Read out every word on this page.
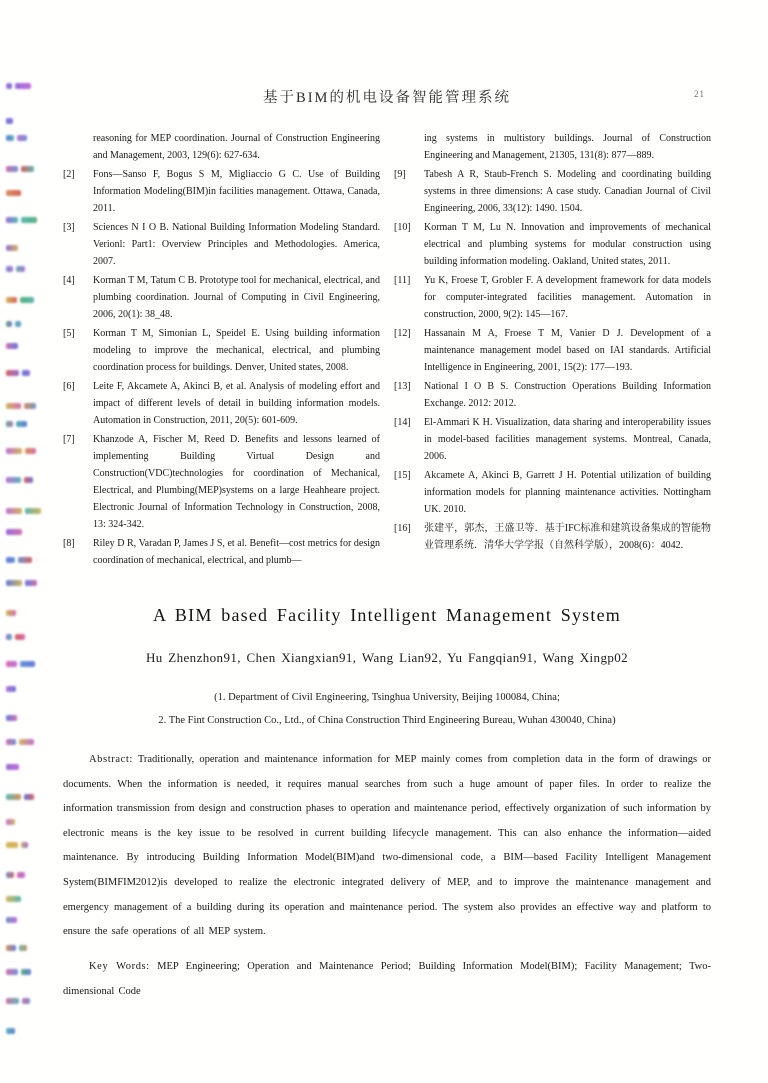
基于BIM的机电设备智能管理系统	21
reasoning for MEP coordination. Journal of Construction Engineering and Management, 2003, 129(6): 627-634.
[2] Fons—Sanso F, Bogus S M, Migliaccio G C. Use of Building Information Modeling(BIM)in facilities management. Ottawa, Canada, 2011.
[3] Sciences N I O B. National Building Information Modeling Standard. Verionl: Part1: Overview Principles and Methodologies. America, 2007.
[4] Korman T M, Tatum C B. Prototype tool for mechanical, electrical, and plumbing coordination. Journal of Computing in Civil Engineering, 2006, 20(1): 38_48.
[5] Korman T M, Simonian L, Speidel E. Using building information modeling to improve the mechanical, electrical, and plumbing coordination process for buildings. Denver, United states, 2008.
[6] Leite F, Akcamete A, Akinci B, et al. Analysis of modeling effort and impact of different levels of detail in building information models. Automation in Construction, 2011, 20(5): 601-609.
[7] Khanzode A, Fischer M, Reed D. Benefits and lessons learned of implementing Building Virtual Design and Construction(VDC)technologies for coordination of Mechanical, Electrical, and Plumbing(MEP)systems on a large Heahheare project. Electronic Journal of Information Technology in Construction, 2008, 13: 324-342.
[8] Riley D R, Varadan P, James J S, et al. Benefit—cost metrics for design coordination of mechanical, electrical, and plumb—
ing systems in multistory buildings. Journal of Construction Engineering and Management, 21305, 131(8): 877—889.
[9] Tabesh A R, Staub-French S. Modeling and coordinating building systems in three dimensions: A case study. Canadian Journal of Civil Engineering, 2006, 33(12): 1490. 1504.
[10] Korman T M, Lu N. Innovation and improvements of mechanical electrical and plumbing systems for modular construction using building information modeling. Oakland, United states, 2011.
[11] Yu K, Froese T, Grobler F. A development framework for data models for computer-integrated facilities management. Automation in construction, 2000, 9(2): 145—167.
[12] Hassanain M A, Froese T M, Vanier D J. Development of a maintenance management model based on IAI standards. Artificial Intelligence in Engineering, 2001, 15(2): 177—193.
[13] National I O B S. Construction Operations Building Information Exchange. 2012: 2012.
[14] El-Ammari K H. Visualization, data sharing and interoperability issues in model-based facilities management systems. Montreal, Canada, 2006.
[15] Akcamete A, Akinci B, Garrett J H. Potential utilization of building information models for planning maintenance activities. Nottingham UK. 2010.
[16] 张建平，郭杰，王盛卫等．基于IFC标准和建筑设备集成的智能物业管理系统．清华大学学报（自然科学版），2008(6)：4042.
A BIM based Facility Intelligent Management System
Hu Zhenzhon91, Chen Xiangxian91, Wang Lian92, Yu Fangqian91, Wang Xingp02
(1. Department of Civil Engineering, Tsinghua University, Beijing 100084, China;
2. The Fint Construction Co., Ltd., of China Construction Third Engineering Bureau, Wuhan 430040, China)

Abstract: Traditionally, operation and maintenance information for MEP mainly comes from completion data in the form of drawings or documents. When the information is needed, it requires manual searches from such a huge amount of paper files. In order to realize the information transmission from design and construction phases to operation and maintenance period, effectively organization of such information by electronic means is the key issue to be resolved in current building lifecycle management. This can also enhance the information—aided maintenance. By introducing Building Information Model(BIM)and two-dimensional code, a BIM—based Facility Intelligent Management System(BIMFIM2012)is developed to realize the electronic integrated delivery of MEP, and to improve the maintenance management and emergency management of a building during its operation and maintenance period. The system also provides an effective way and platform to ensure the safe operations of all MEP system.

Key Words: MEP Engineering; Operation and Maintenance Period; Building Information Model(BIM); Facility Management; Two-dimensional Code
